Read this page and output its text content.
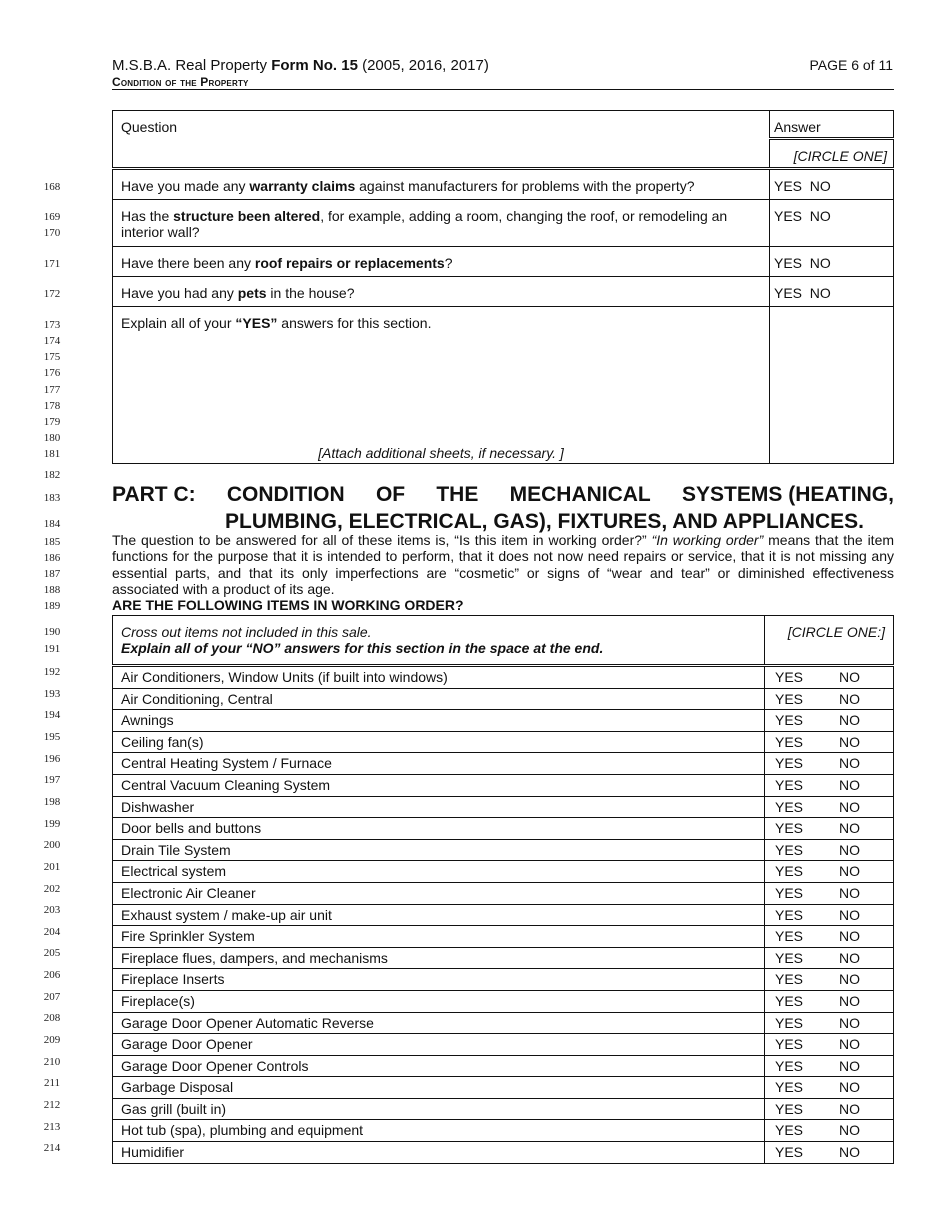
M.S.B.A. Real Property Form No. 15 (2005, 2016, 2017)
Condition of the Property
PAGE 6 of 11
168
169
170
171
172
173
174
175
176
177
178
179
180
181
182
183
184
185
186
187
188
189
190
191
192
193
194
195
196
197
198
199
200
201
202
203
204
205
206
207
208
209
210
211
212
213
214
Question	Answer
	[CIRCLE ONE]
Have you made any warranty claims against manufacturers for problems with the property?	YES NO
Has the structure been altered, for example, adding a room, changing the roof, or remodeling an interior wall?	YES NO
Have there been any roof repairs or replacements?	YES NO
Have you had any pets in the house?	YES NO
Explain all of your “YES” answers for this section.
[Attach additional sheets, if necessary. ]	

PART C: CONDITION OF THE MECHANICAL SYSTEMS (HEATING,
PLUMBING, ELECTRICAL, GAS), FIXTURES, AND APPLIANCES.
The question to be answered for all of these items is, “Is this item in working order?” “In working order” means that the item functions for the purpose that it is intended to perform, that it does not now need repairs or service, that it is not missing any essential parts, and that its only imperfections are “cosmetic” or signs of “wear and tear” or diminished effectiveness associated with a product of its age.
ARE THE FOLLOWING ITEMS IN WORKING ORDER?
Cross out items not included in this sale.
Explain all of your “NO” answers for this section in the space at the end.	[CIRCLE ONE:]
Air Conditioners, Window Units (if built into windows)	YES NO

Air Conditioning, Central	YES NO

Awnings	YES NO

Ceiling fan(s)	YES NO

Central Heating System / Furnace	YES NO

Central Vacuum Cleaning System	YES NO

Dishwasher	YES NO

Door bells and buttons	YES NO

Drain Tile System	YES NO

Electrical system	YES NO

Electronic Air Cleaner	YES NO

Exhaust system / make-up air unit	YES NO

Fire Sprinkler System	YES NO

Fireplace flues, dampers, and mechanisms	YES NO

Fireplace Inserts	YES NO

Fireplace(s)	YES NO

Garage Door Opener Automatic Reverse	YES NO

Garage Door Opener	YES NO

Garage Door Opener Controls	YES NO

Garbage Disposal	YES NO

Gas grill (built in)	YES NO

Hot tub (spa), plumbing and equipment	YES NO

Humidifier	YES NO
